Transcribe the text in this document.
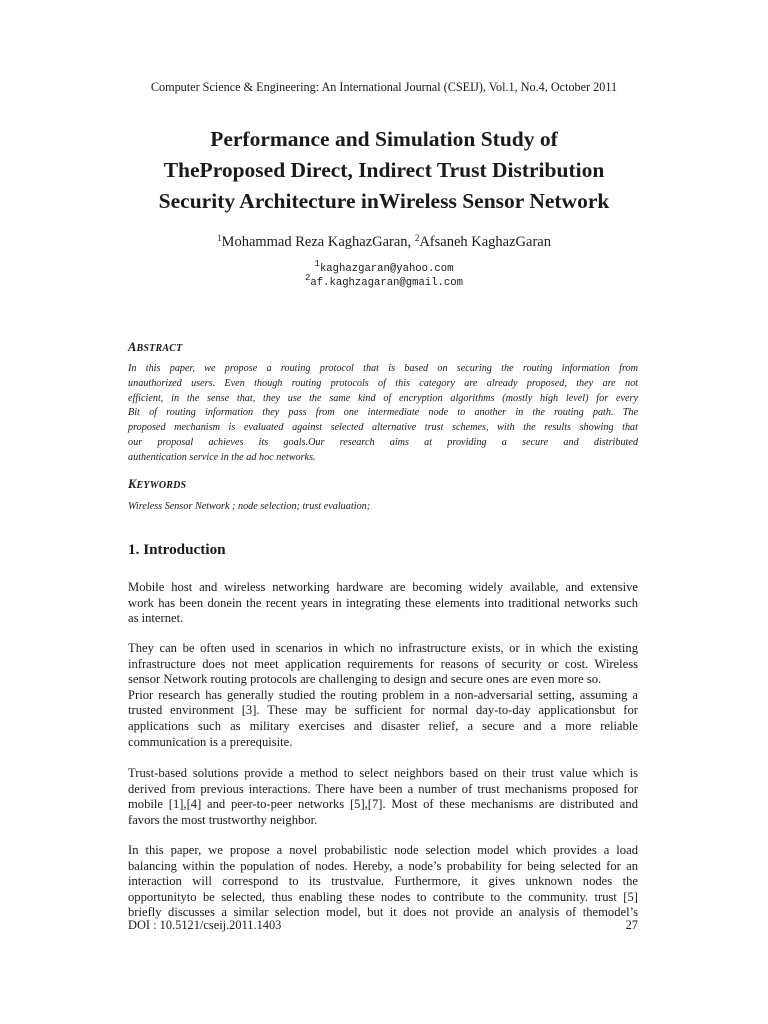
Computer Science & Engineering: An International Journal (CSEIJ), Vol.1, No.4, October 2011
Performance and Simulation Study of
TheProposed Direct, Indirect Trust Distribution
Security Architecture inWireless Sensor Network
$^1$Mohammad Reza KaghazGaran, $^2$Afsaneh KaghazGaran
$^1$kaghazgaran@yahoo.com
$^2$af.kaghzagaran@gmail.com
ABSTRACT
In this paper, we propose a routing protocol that is based on securing the routing information from
unauthorized users. Even though routing protocols of this category are already proposed, they are not
efficient, in the sense that, they use the same kind of encryption algorithms (mostly high level) for every
Bit of routing information they pass from one intermediate node to another in the routing path. The
proposed mechanism is evaluated against selected alternative trust schemes, with the results showing that
our proposal achieves its goals.Our research aims at providing a secure and distributed
authentication service in the ad hoc networks.
KEYWORDS
Wireless Sensor Network ; node selection; trust evaluation;
1. Introduction
Mobile host and wireless networking hardware are becoming widely available, and extensive
work has been donein the recent years in integrating these elements into traditional networks such
as internet.
They can be often used in scenarios in which no infrastructure exists, or in which the existing
infrastructure does not meet application requirements for reasons of security or cost. Wireless
sensor Network routing protocols are challenging to design and secure ones are even more so.
Prior research has generally studied the routing problem in a non-adversarial setting, assuming a
trusted environment [3]. These may be sufficient for normal day-to-day applicationsbut for
applications such as military exercises and disaster relief, a secure and a more reliable
communication is a prerequisite.
Trust-based solutions provide a method to select neighbors based on their trust value which is
derived from previous interactions. There have been a number of trust mechanisms proposed for
mobile [1],[4] and peer-to-peer networks [5],[7]. Most of these mechanisms are distributed and
favors the most trustworthy neighbor.
In this paper, we propose a novel probabilistic node selection model which provides a load
balancing within the population of nodes. Hereby, a node’s probability for being selected for an
interaction will correspond to its trustvalue. Furthermore, it gives unknown nodes the
opportunityto be selected, thus enabling these nodes to contribute to the community. trust [5]
briefly discusses a similar selection model, but it does not provide an analysis of themodel’s
DOI : 10.5121/cseij.2011.1403	27
